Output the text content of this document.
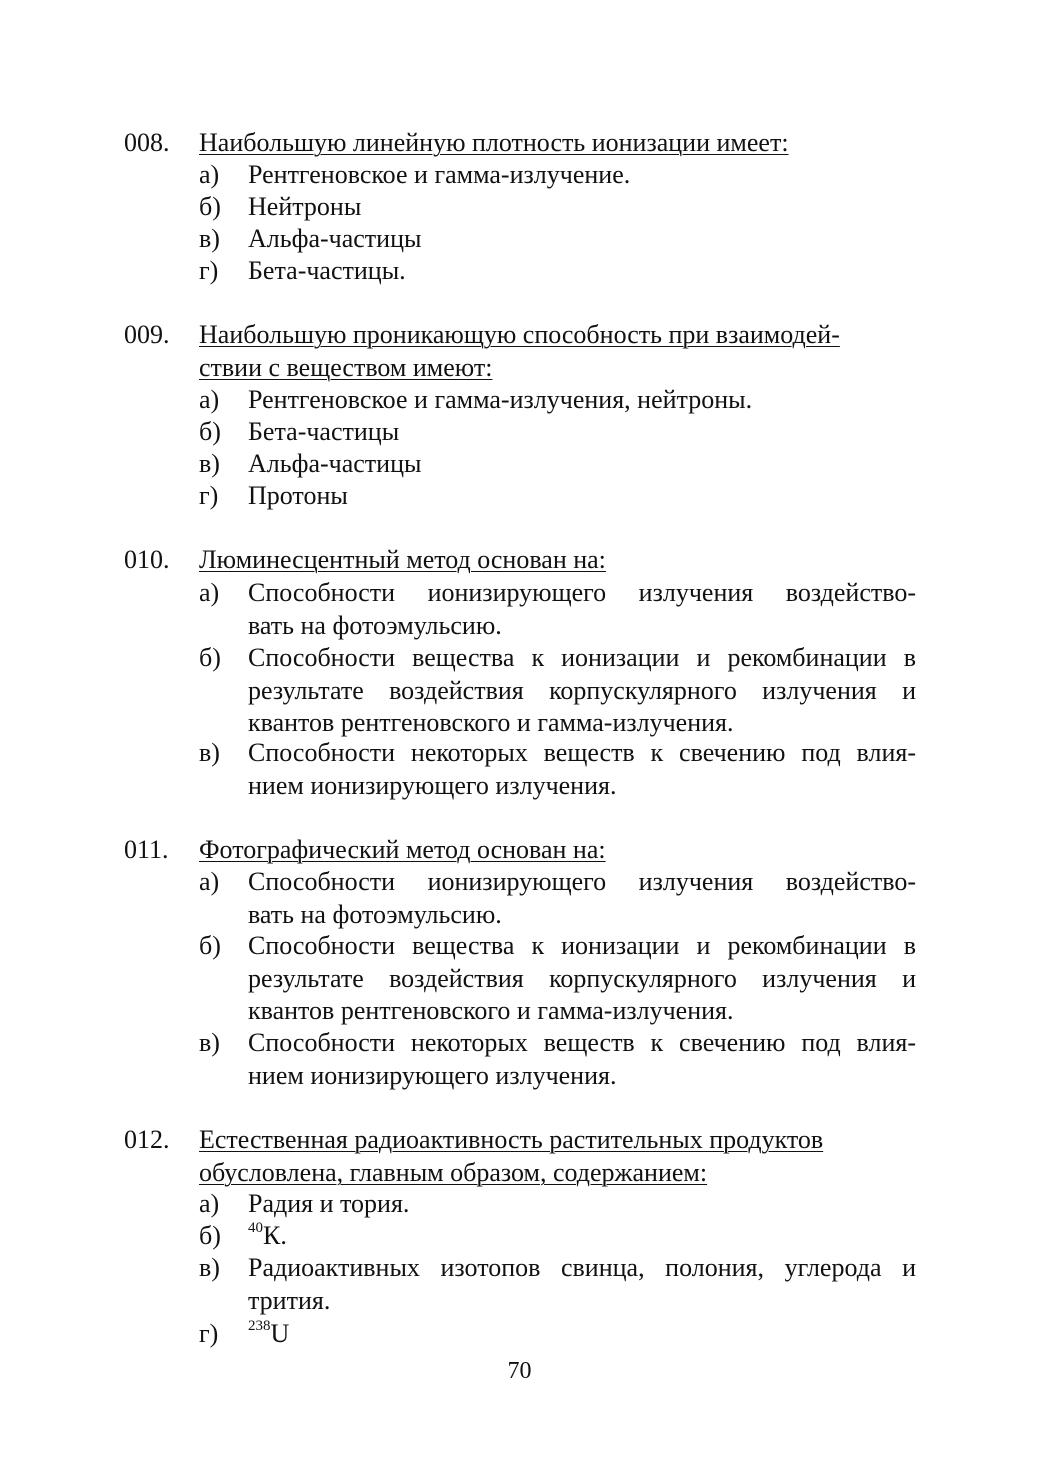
008. Наибольшую линейную плотность ионизации имеет:
а) Рентгеновское и гамма-излучение.
б) Нейтроны
в) Альфа-частицы
г) Бета-частицы.
009. Наибольшую проникающую способность при взаимодей-
ствии с веществом имеют:
а) Рентгеновское и гамма-излучения, нейтроны.
б) Бета-частицы
в) Альфа-частицы
г) Протоны
010. Люминесцентный метод основан на:
а) Способности ионизирующего излучения воздейство-
вать на фотоэмульсию.
б) Способности вещества к ионизации и рекомбинации в
результате воздействия корпускулярного излучения и
квантов рентгеновского и гамма-излучения.
в) Способности некоторых веществ к свечению под влия-
нием ионизирующего излучения.
011. Фотографический метод основан на:
а) Способности ионизирующего излучения воздейство-
вать на фотоэмульсию.
б) Способности вещества к ионизации и рекомбинации в
результате воздействия корпускулярного излучения и
квантов рентгеновского и гамма-излучения.
в) Способности некоторых веществ к свечению под влия-
нием ионизирующего излучения.
012. Естественная радиоактивность растительных продуктов
обусловлена, главным образом, содержанием:
а) Радия и тория.
б) $^{40}$К.
в) Радиоактивных изотопов свинца, полония, углерода и
трития.
г) $^{238}$U
70
